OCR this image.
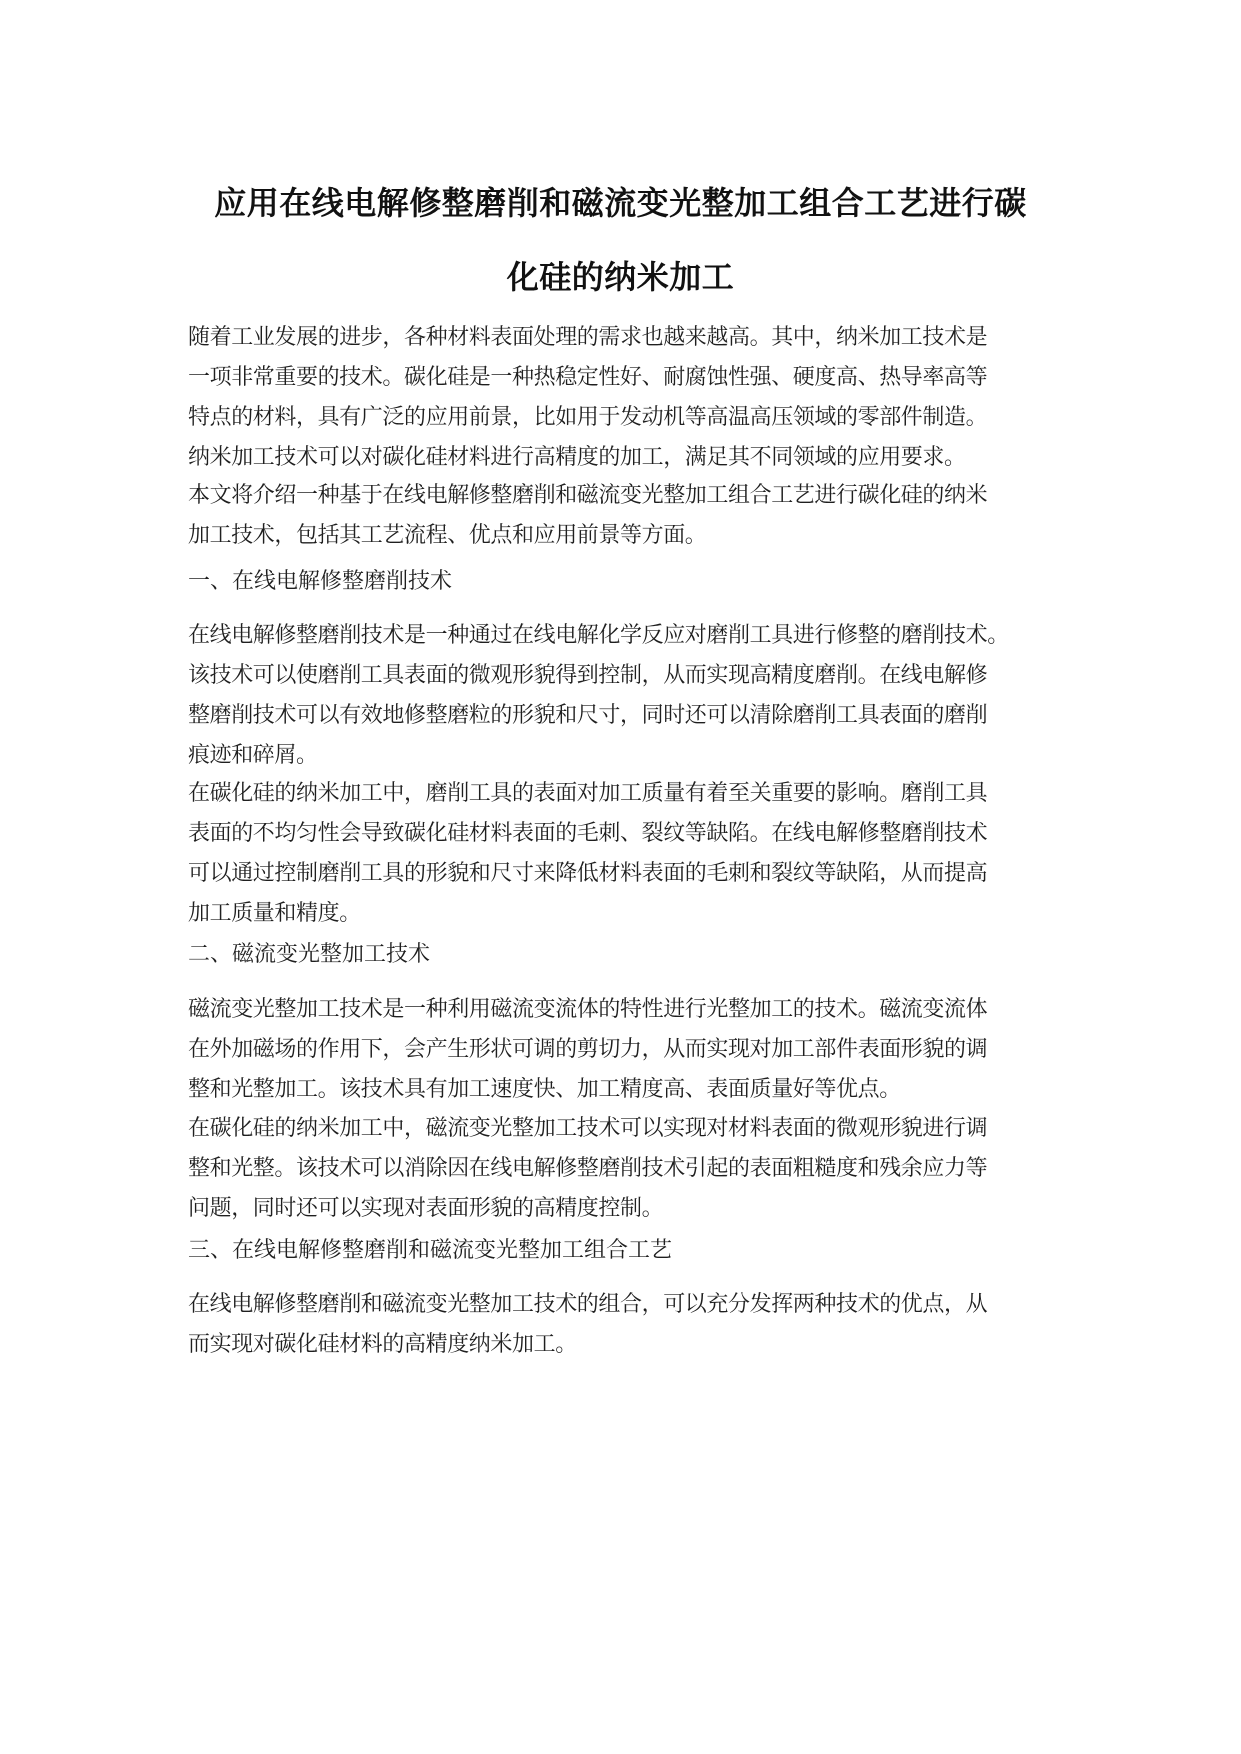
应用在线电解修整磨削和磁流变光整加工组合工艺进行碳
化硅的纳米加工

随着工业发展的进步，各种材料表面处理的需求也越来越高。其中，纳米加工技术是
一项非常重要的技术。碳化硅是一种热稳定性好、耐腐蚀性强、硬度高、热导率高等
特点的材料，具有广泛的应用前景，比如用于发动机等高温高压领域的零部件制造。
纳米加工技术可以对碳化硅材料进行高精度的加工，满足其不同领域的应用要求。

本文将介绍一种基于在线电解修整磨削和磁流变光整加工组合工艺进行碳化硅的纳米
加工技术，包括其工艺流程、优点和应用前景等方面。

一、在线电解修整磨削技术

在线电解修整磨削技术是一种通过在线电解化学反应对磨削工具进行修整的磨削技术。
该技术可以使磨削工具表面的微观形貌得到控制，从而实现高精度磨削。在线电解修
整磨削技术可以有效地修整磨粒的形貌和尺寸，同时还可以清除磨削工具表面的磨削
痕迹和碎屑。

在碳化硅的纳米加工中，磨削工具的表面对加工质量有着至关重要的影响。磨削工具
表面的不均匀性会导致碳化硅材料表面的毛刺、裂纹等缺陷。在线电解修整磨削技术
可以通过控制磨削工具的形貌和尺寸来降低材料表面的毛刺和裂纹等缺陷，从而提高
加工质量和精度。

二、磁流变光整加工技术

磁流变光整加工技术是一种利用磁流变流体的特性进行光整加工的技术。磁流变流体
在外加磁场的作用下，会产生形状可调的剪切力，从而实现对加工部件表面形貌的调
整和光整加工。该技术具有加工速度快、加工精度高、表面质量好等优点。

在碳化硅的纳米加工中，磁流变光整加工技术可以实现对材料表面的微观形貌进行调
整和光整。该技术可以消除因在线电解修整磨削技术引起的表面粗糙度和残余应力等
问题，同时还可以实现对表面形貌的高精度控制。

三、在线电解修整磨削和磁流变光整加工组合工艺

在线电解修整磨削和磁流变光整加工技术的组合，可以充分发挥两种技术的优点，从
而实现对碳化硅材料的高精度纳米加工。
